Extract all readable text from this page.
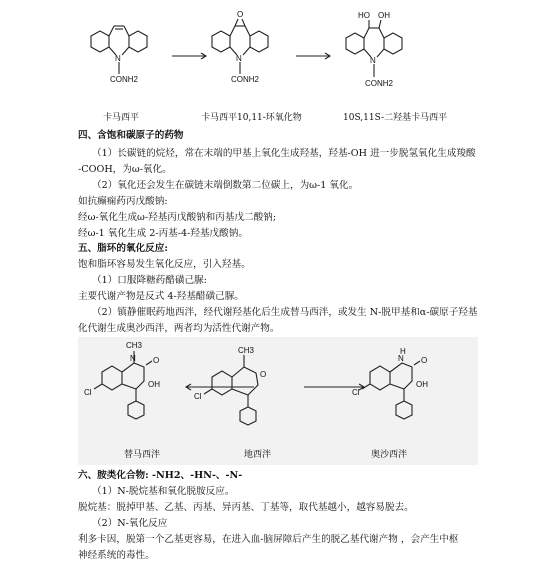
N
CONH2
N
CONH2
O
N
CONH2
HO OH
卡马西平	卡马西平10,11-环氧化物	10S,11S-二羟基卡马西平
四、含饱和碳原子的药物
（1）长碳链的烷烃，常在末端的甲基上氧化生成羟基，羟基-OH 进一步脱氢氧化生成羧酸
-COOH，为ω-氧化。
（2）氧化还会发生在碳链末端倒数第二位碳上，为ω-1 氧化。
如抗癫痫药丙戊酸钠:
经ω-氧化生成ω-羟基丙戊酸钠和丙基戊二酸钠;
经ω-1 氧化生成 2-丙基-4-羟基戊酸钠。
五、脂环的氧化反应:
饱和脂环容易发生氧化反应，引入羟基。
（1）口服降糖药醋磺己脲:
主要代谢产物是反式 4-羟基醋磺己脲。
（2）镇静催眠药地西泮，经代谢羟基化后生成替马西泮，或发生 N-脱甲基和α-碳原子羟基
化代谢生成奥沙西泮，两者均为活性代谢产物。
N
CH3
O
OH
Cl
CH3
O
Cl
N
H
O
OH
Cl
替马西泮	地西泮	奥沙西泮
六、胺类化合物: -NH2、-HN-、-N-
（1）N-脱烷基和氧化脱胺反应。
脱烷基：脱掉甲基、乙基、丙基、异丙基、丁基等，取代基越小，越容易脱去。
（2）N-氧化反应
利多卡因，脱第一个乙基更容易，在进入血-脑屏障后产生的脱乙基代谢产物 ，会产生中枢
神经系统的毒性。
